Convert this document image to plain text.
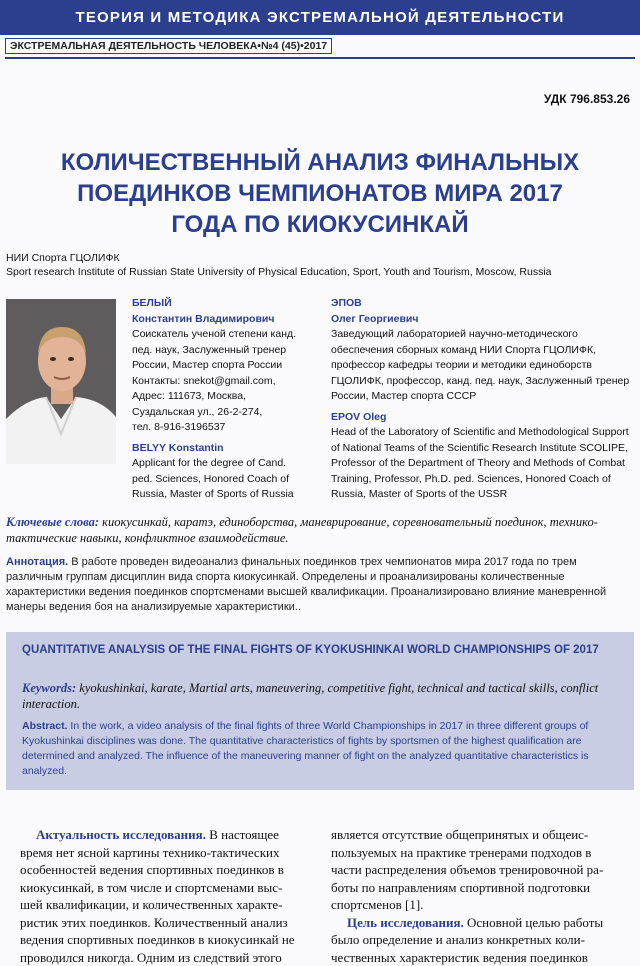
ТЕОРИЯ И МЕТОДИКА ЭКСТРЕМАЛЬНОЙ ДЕЯТЕЛЬНОСТИ
ЭКСТРЕМАЛЬНАЯ ДЕЯТЕЛЬНОСТЬ ЧЕЛОВЕКА•№4 (45)•2017
УДК 796.853.26
КОЛИЧЕСТВЕННЫЙ АНАЛИЗ ФИНАЛЬНЫХ
ПОЕДИНКОВ ЧЕМПИОНАТОВ МИРА 2017
ГОДА ПО КИОКУСИНКАЙ
НИИ Спорта ГЦОЛИФК
Sport research Institute of Russian State University of Physical Education, Sport, Youth and Tourism, Moscow, Russia
БЕЛЫЙ
Константин Владимирович
Соискатель ученой степени канд.
пед. наук, Заслуженный тренер
России, Мастер спорта России
Контакты: snekot@gmail.com,
Адрес: 111673, Москва,
Суздальская ул., 26-2-274,
тел. 8-916-3196537
BELYY Konstantin
Applicant for the degree of Cand.
ped. Sciences, Honored Coach of
Russia, Master of Sports of Russia
ЭПОВ
Олег Георгиевич
Заведующий лабораторией научно-методического
обеспечения сборных команд НИИ Спорта ГЦОЛИФК,
профессор кафедры теории и методики единоборств
ГЦОЛИФК, профессор, канд. пед. наук, Заслуженный тренер
России, Мастер спорта СССР
EPOV Oleg
Head of the Laboratory of Scientific and Methodological Support
of National Teams of the Scientific Research Institute SCOLIPE,
Professor of the Department of Theory and Methods of Combat
Training, Professor, Ph.D. ped. Sciences, Honored Coach of
Russia, Master of Sports of the USSR
Ключевые слова: киокусинкай, каратэ, единоборства, маневрирование, соревновательный поединок, технико-тактические навыки, конфликтное взаимодействие.
Аннотация. В работе проведен видеоанализ финальных поединков трех чемпионатов мира 2017 года по трем различным группам дисциплин вида спорта киокусинкай. Определены и проанализированы количественные характеристики ведения поединков спортсменами высшей квалификации. Проанализировано влияние маневренной манеры ведения боя на анализируемые характеристики..
QUANTITATIVE ANALYSIS OF THE FINAL FIGHTS OF KYOKUSHINKAI WORLD CHAMPIONSHIPS OF 2017
Keywords: kyokushinkai, karate, Martial arts, maneuvering, competitive fight, technical and tactical skills, conflict interaction.
Abstract. In the work, a video analysis of the final fights of three World Championships in 2017 in three different groups of Kyokushinkai disciplines was done. The quantitative characteristics of fights by sportsmen of the highest qualification are determined and analyzed. The influence of the maneuvering manner of fight on the analyzed quantitative characteristics is analyzed.
Актуальность исследования. В настоящее
время нет ясной картины технико-тактических
особенностей ведения спортивных поединков в
киокусинкай, в том числе и спортсменами выс-
шей квалификации, и количественных характе-
ристик этих поединков. Количественный анализ
ведения спортивных поединков в киокусинкай не
проводился никогда. Одним из следствий этого
является отсутствие общепринятых и общеис-
пользуемых на практике тренерами подходов в
части распределения объемов тренировочной ра-
боты по направлениям спортивной подготовки
спортсменов [1].
Цель исследования. Основной целью работы
было определение и анализ конкретных коли-
чественных характеристик ведения поединков
